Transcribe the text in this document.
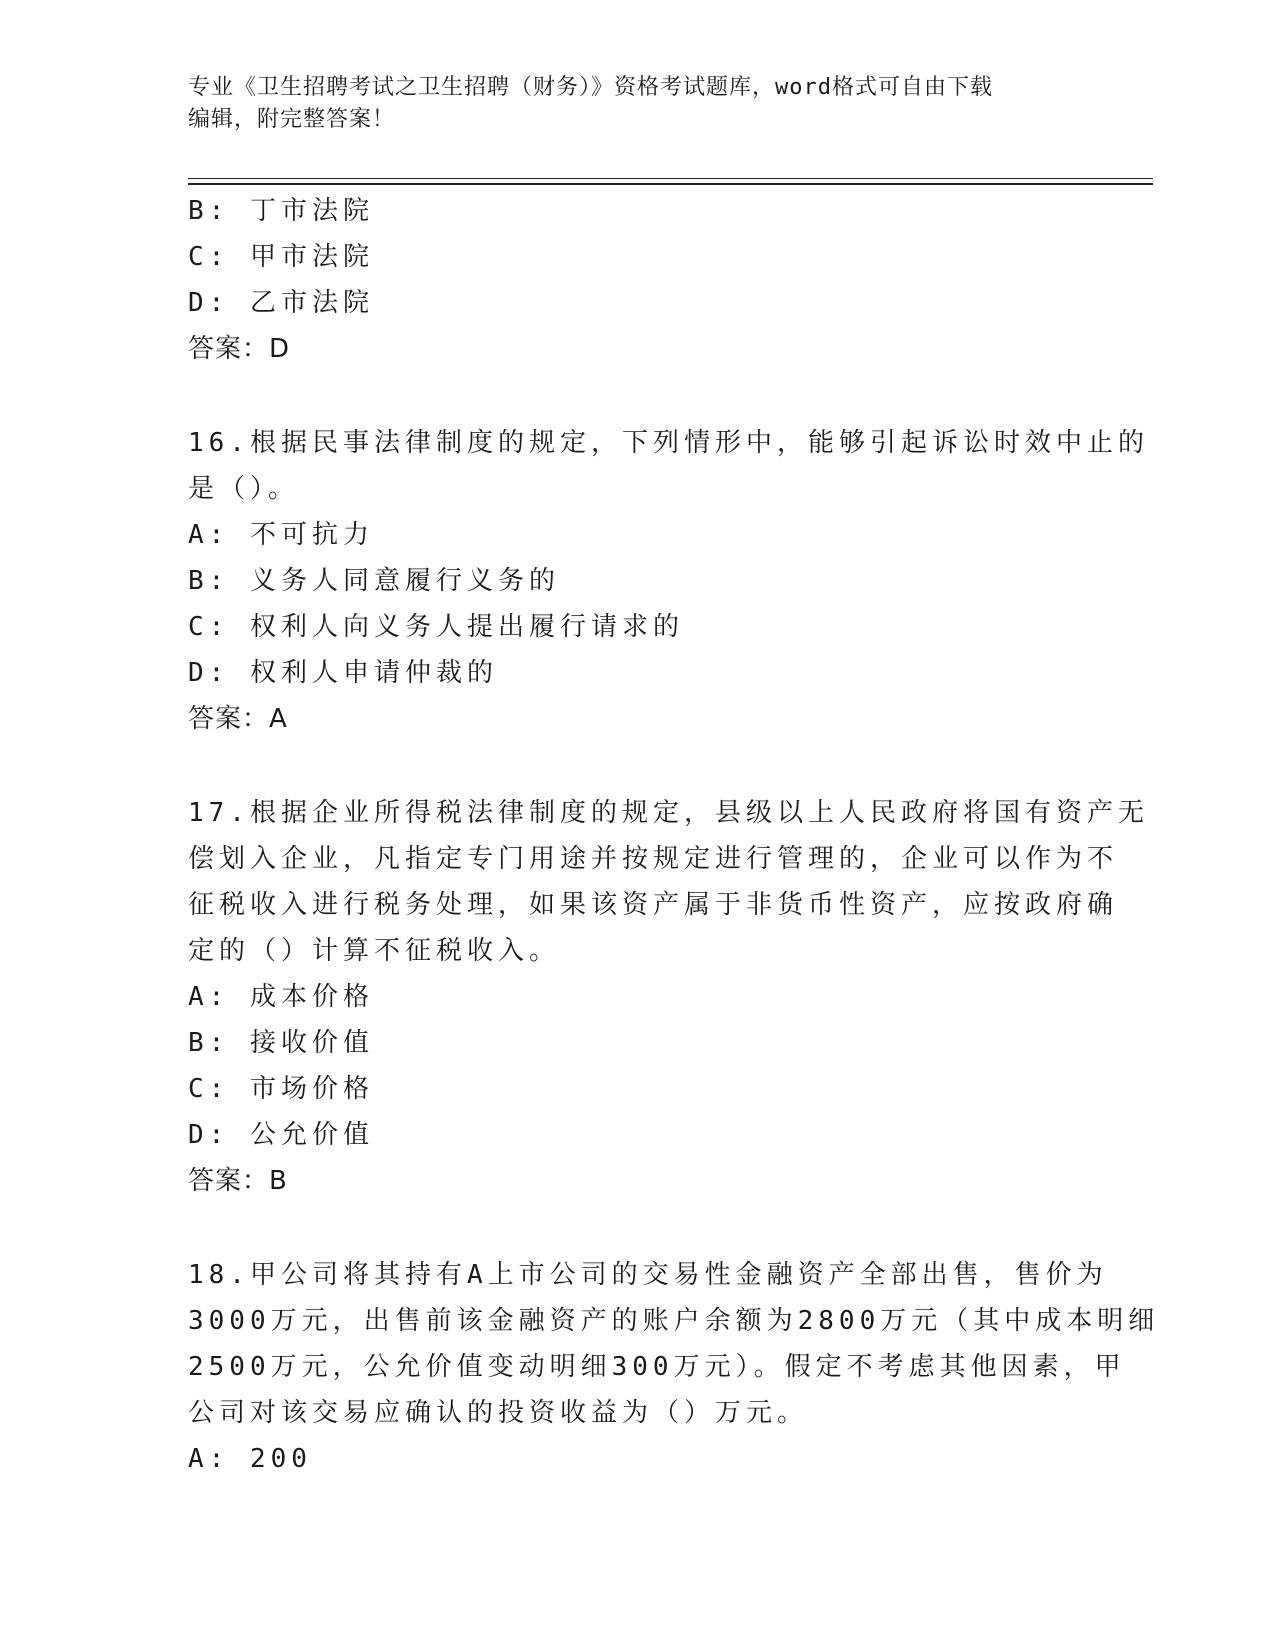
专业《卫生招聘考试之卫生招聘（财务）》资格考试题库，word格式可自由下载
编辑，附完整答案！
B: 丁市法院
C: 甲市法院
D: 乙市法院
答案：D
16.根据民事法律制度的规定，下列情形中，能够引起诉讼时效中止的
是（）。
A: 不可抗力
B: 义务人同意履行义务的
C: 权利人向义务人提出履行请求的
D: 权利人申请仲裁的
答案：A
17.根据企业所得税法律制度的规定，县级以上人民政府将国有资产无
偿划入企业，凡指定专门用途并按规定进行管理的，企业可以作为不
征税收入进行税务处理，如果该资产属于非货币性资产，应按政府确
定的（）计算不征税收入。
A: 成本价格
B: 接收价值
C: 市场价格
D: 公允价值
答案：B
18.甲公司将其持有A上市公司的交易性金融资产全部出售，售价为
3000万元，出售前该金融资产的账户余额为2800万元（其中成本明细
2500万元，公允价值变动明细300万元）。假定不考虑其他因素，甲
公司对该交易应确认的投资收益为（）万元。
A: 200
